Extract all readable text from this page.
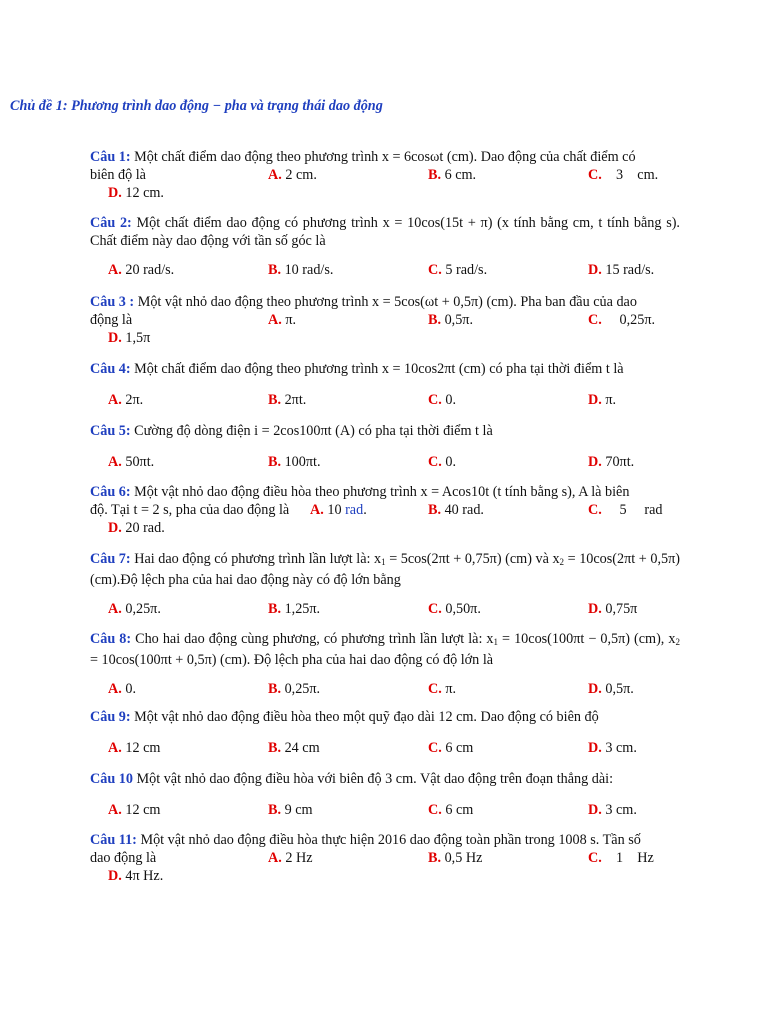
Chủ đề 1: Phương trình dao động − pha và trạng thái dao động
Câu 1: Một chất điểm dao động theo phương trình x = 6cosωt (cm). Dao động của chất điểm có
biên độ là	A. 2 cm.	B. 6 cm.	C.    3    cm.
D. 12 cm.
Câu 2: Một chất điểm dao động có phương trình x = 10cos(15t + π) (x tính bằng cm, t tính bằng s). Chất điểm này dao động với tần số góc là
A. 20 rad/s.	B. 10 rad/s.	C. 5 rad/s.	D. 15 rad/s.
Câu 3 : Một vật nhỏ dao động theo phương trình x = 5cos(ωt + 0,5π) (cm). Pha ban đầu của dao
động là	A. π.	B. 0,5π.	C.     0,25π.
D. 1,5π
Câu 4: Một chất điểm dao động theo phương trình x = 10cos2πt (cm) có pha tại thời điểm t là
A. 2π.	B. 2πt.	C. 0.	D. π.
Câu 5: Cường độ dòng điện i = 2cos100πt (A) có pha tại thời điểm t là
A. 50πt.	B. 100πt.	C. 0.	D. 70πt.
Câu 6: Một vật nhỏ dao động điều hòa theo phương trình x = Acos10t (t tính bằng s), A là biên
độ. Tại t = 2 s, pha của dao động là A. 10 rad.	B. 40 rad.	C.     5     rad
D. 20 rad.
Câu 7: Hai dao động có phương trình lần lượt là: $x_1 = 5\cos(2\pi t + 0,75\pi)$ (cm) và $x_2 = 10\cos(2\pi t + 0,5\pi)$ (cm).Độ lệch pha của hai dao động này có độ lớn bằng
A. 0,25π.	B. 1,25π.	C. 0,50π.	D. 0,75π
Câu 8: Cho hai dao động cùng phương, có phương trình lần lượt là: $x_1 = 10\cos(100\pi t - 0,5\pi)$ (cm), $x_2 = 10\cos(100\pi t + 0,5\pi)$ (cm). Độ lệch pha của hai dao động có độ lớn là
A. 0.	B. 0,25π.	C. π.	D. 0,5π.
Câu 9: Một vật nhỏ dao động điều hòa theo một quỹ đạo dài 12 cm. Dao động có biên độ
A. 12 cm	B. 24 cm	C. 6 cm	D. 3 cm.
Câu 10 Một vật nhỏ dao động điều hòa với biên độ 3 cm. Vật dao động trên đoạn thẳng dài:
A. 12 cm	B. 9 cm	C. 6 cm	D. 3 cm.
Câu 11: Một vật nhỏ dao động điều hòa thực hiện 2016 dao động toàn phần trong 1008 s. Tần số
dao động là	A. 2 Hz	B. 0,5 Hz	C.    1    Hz
D. 4π Hz.
